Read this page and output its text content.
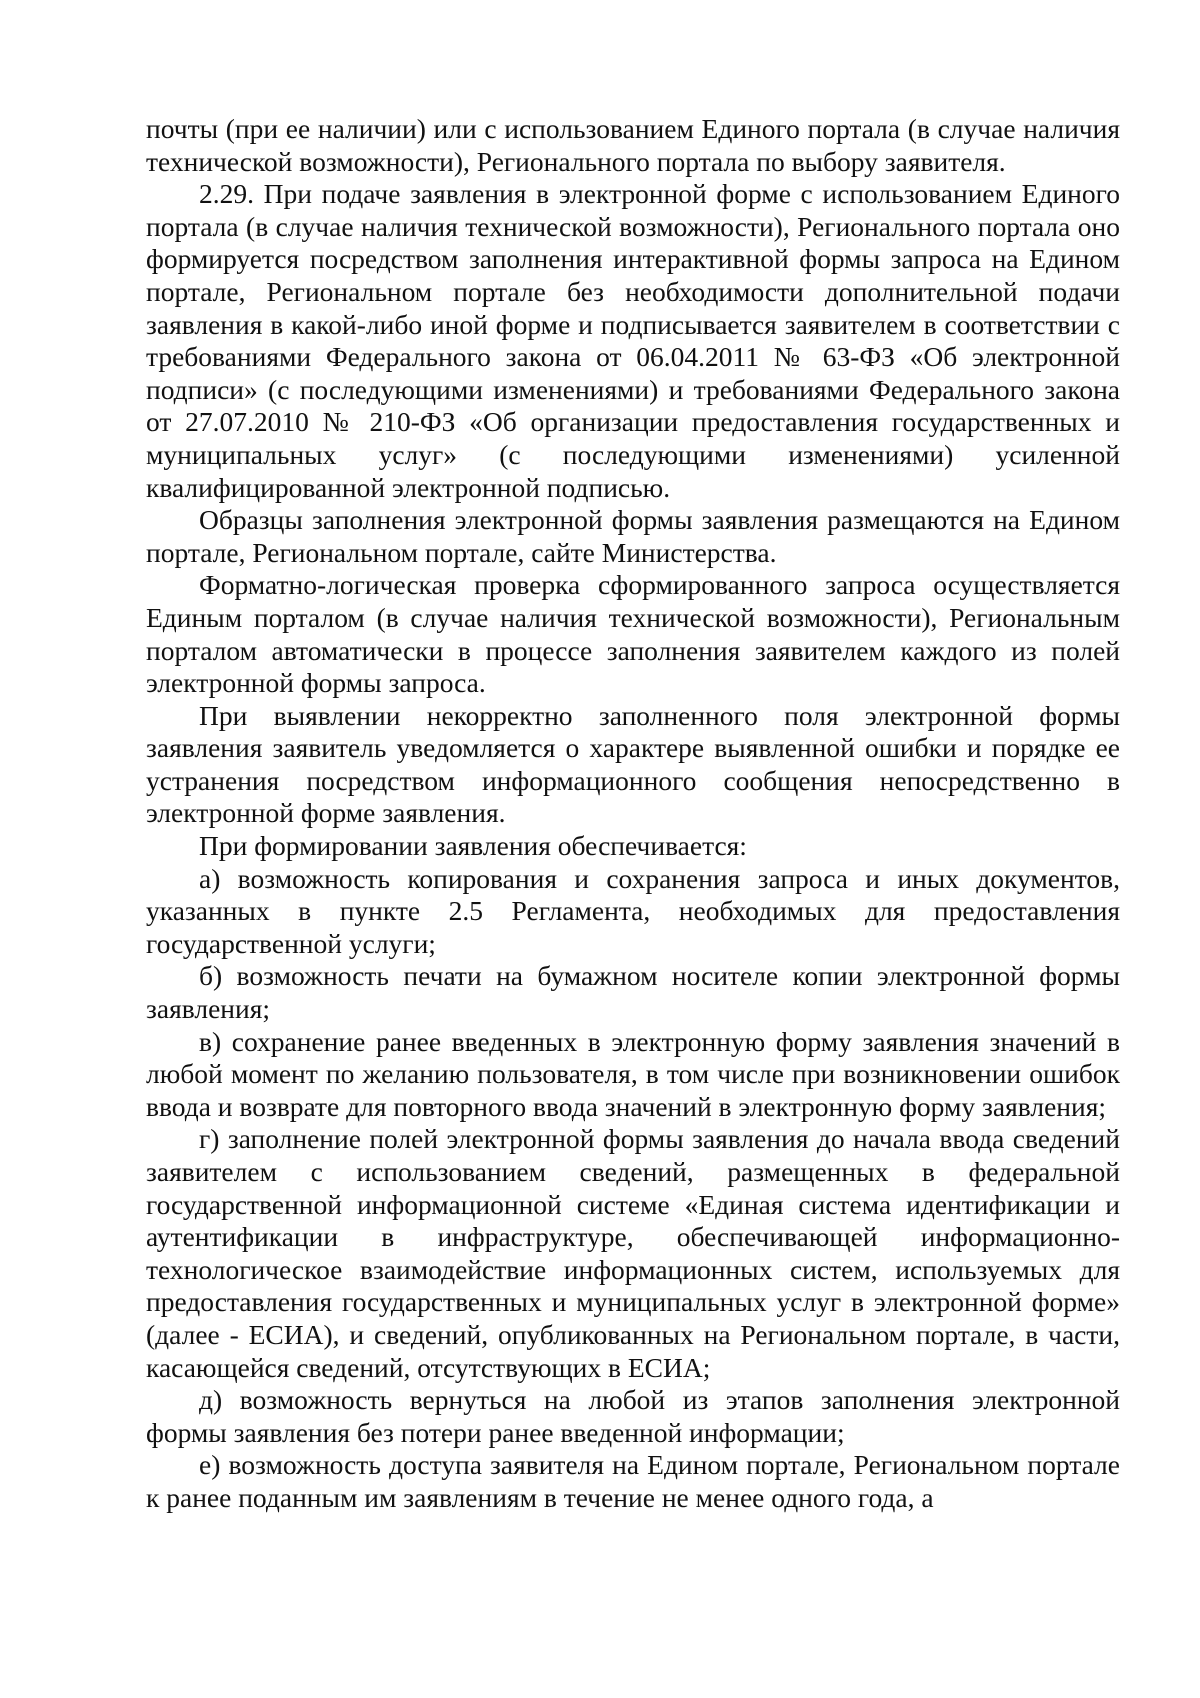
почты (при ее наличии) или с использованием Единого портала (в случае наличия технической возможности), Регионального портала по выбору заявителя.

2.29. При подаче заявления в электронной форме с использованием Единого портала (в случае наличия технической возможности), Регионального портала оно формируется посредством заполнения интерактивной формы запроса на Едином портале, Региональном портале без необходимости дополнительной подачи заявления в какой-либо иной форме и подписывается заявителем в соответствии с требованиями Федерального закона от 06.04.2011 № 63-ФЗ «Об электронной подписи» (с последующими изменениями) и требованиями Федерального закона от 27.07.2010 № 210-ФЗ «Об организации предоставления государственных и муниципальных услуг» (с последующими изменениями) усиленной квалифицированной электронной подписью.

Образцы заполнения электронной формы заявления размещаются на Едином портале, Региональном портале, сайте Министерства.

Форматно-логическая проверка сформированного запроса осуществляется Единым порталом (в случае наличия технической возможности), Региональным порталом автоматически в процессе заполнения заявителем каждого из полей электронной формы запроса.

При выявлении некорректно заполненного поля электронной формы заявления заявитель уведомляется о характере выявленной ошибки и порядке ее устранения посредством информационного сообщения непосредственно в электронной форме заявления.

При формировании заявления обеспечивается:

а) возможность копирования и сохранения запроса и иных документов, указанных в пункте 2.5 Регламента, необходимых для предоставления государственной услуги;

б) возможность печати на бумажном носителе копии электронной формы заявления;

в) сохранение ранее введенных в электронную форму заявления значений в любой момент по желанию пользователя, в том числе при возникновении ошибок ввода и возврате для повторного ввода значений в электронную форму заявления;

г) заполнение полей электронной формы заявления до начала ввода сведений заявителем с использованием сведений, размещенных в федеральной государственной информационной системе «Единая система идентификации и аутентификации в инфраструктуре, обеспечивающей информационно-технологическое взаимодействие информационных систем, используемых для предоставления государственных и муниципальных услуг в электронной форме» (далее - ЕСИА), и сведений, опубликованных на Региональном портале, в части, касающейся сведений, отсутствующих в ЕСИА;

д) возможность вернуться на любой из этапов заполнения электронной формы заявления без потери ранее введенной информации;

е) возможность доступа заявителя на Едином портале, Региональном портале к ранее поданным им заявлениям в течение не менее одного года, а
